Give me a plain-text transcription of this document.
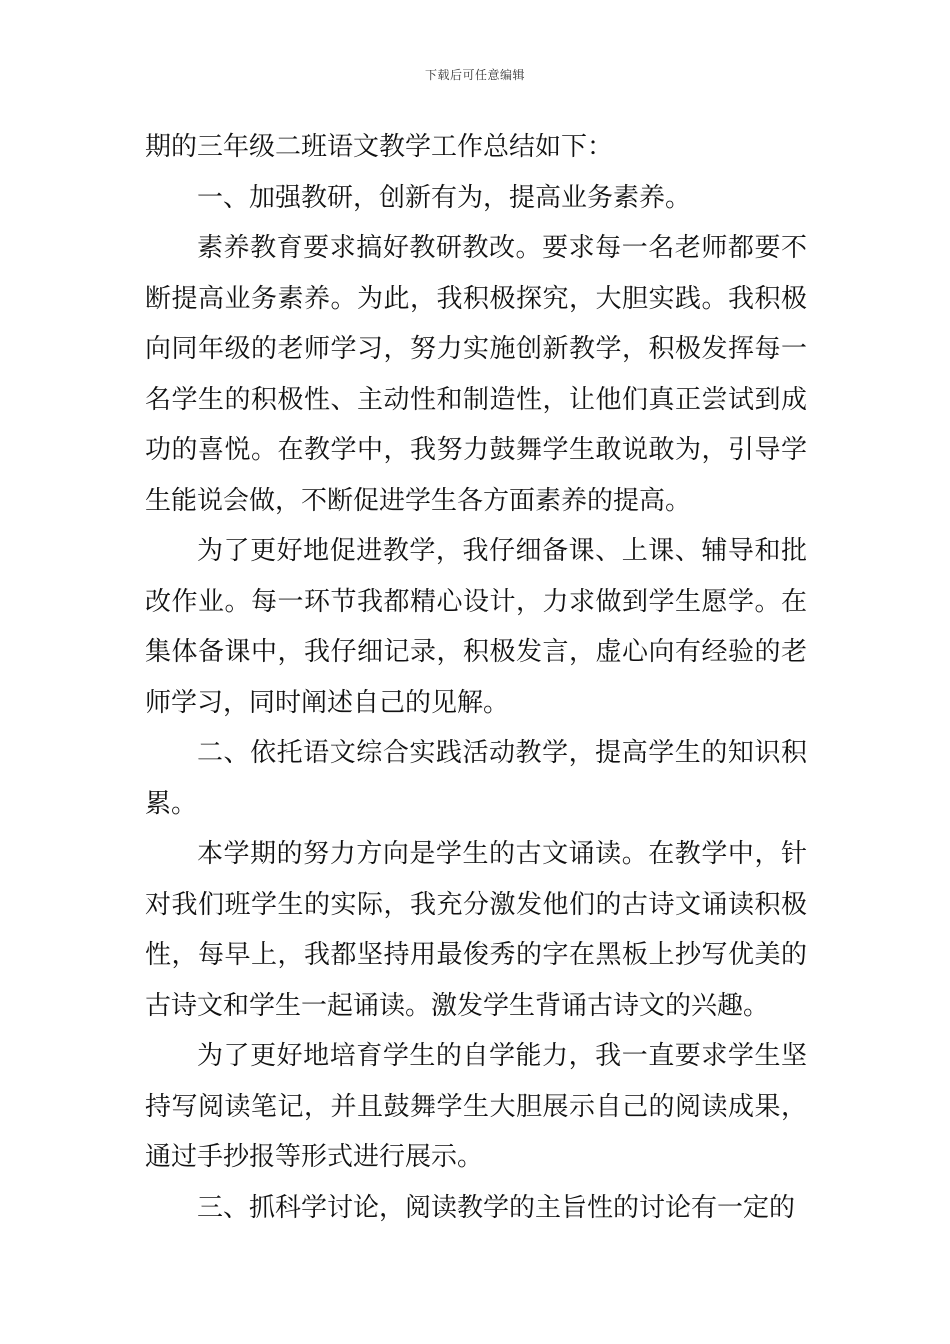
下载后可任意编辑

期的三年级二班语文教学工作总结如下：

一、加强教研，创新有为，提高业务素养。

素养教育要求搞好教研教改。要求每一名老师都要不断提高业务素养。为此，我积极探究，大胆实践。我积极向同年级的老师学习，努力实施创新教学，积极发挥每一名学生的积极性、主动性和制造性，让他们真正尝试到成功的喜悦。在教学中，我努力鼓舞学生敢说敢为，引导学生能说会做，不断促进学生各方面素养的提高。

为了更好地促进教学，我仔细备课、上课、辅导和批改作业。每一环节我都精心设计，力求做到学生愿学。在集体备课中，我仔细记录，积极发言，虚心向有经验的老师学习，同时阐述自己的见解。

二、依托语文综合实践活动教学，提高学生的知识积累。

本学期的努力方向是学生的古文诵读。在教学中，针对我们班学生的实际，我充分激发他们的古诗文诵读积极性，每早上，我都坚持用最俊秀的字在黑板上抄写优美的古诗文和学生一起诵读。激发学生背诵古诗文的兴趣。

为了更好地培育学生的自学能力，我一直要求学生坚持写阅读笔记，并且鼓舞学生大胆展示自己的阅读成果，通过手抄报等形式进行展示。

三、抓科学讨论，阅读教学的主旨性的讨论有一定的
